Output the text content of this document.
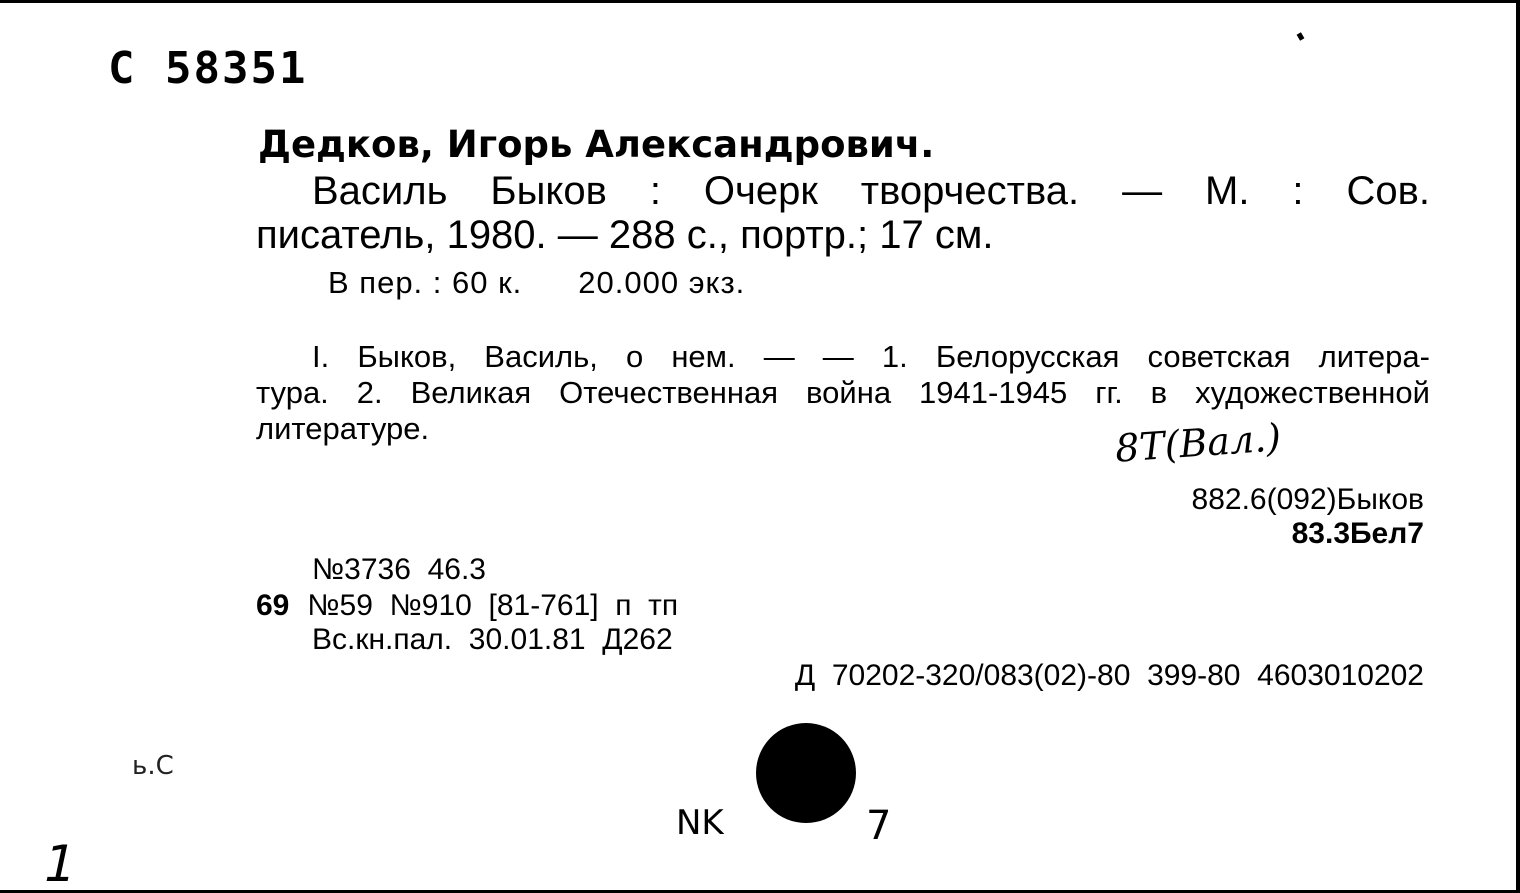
C 58351
Дедков, Игорь Александрович.
Василь Быков : Очерк творчества. — М. : Сов.
писатель, 1980. — 288 с., портр.; 17 см.
В пер. : 60 к. 20.000 экз.
I. Быков, Василь, о нем. — — 1. Белорусская советская литера-
тура. 2. Великая Отечественная война 1941-1945 гг. в художественной
литературе.	8Т(Вал.)
882.6(092)Быков
83.3Бел7
№3736  46.3
69 №59  №910  [81-761]  п  тп
Вс.кн.пал.  30.01.81  Д262
Д  70202-320/083(02)-80  399-80  4603010202
NK	7
ь.С
1
